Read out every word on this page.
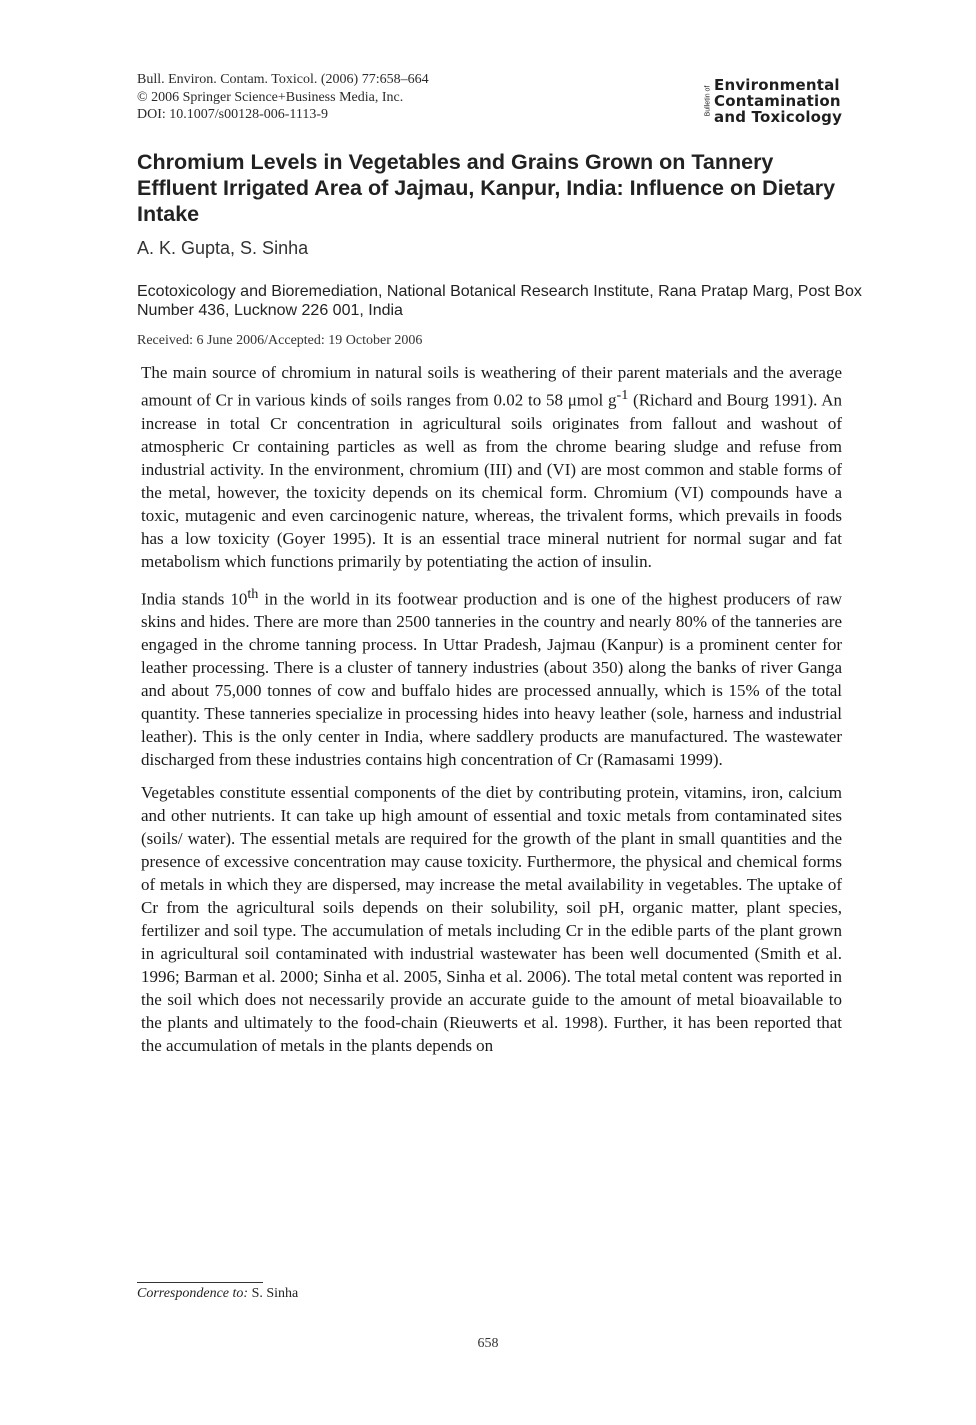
Bull. Environ. Contam. Toxicol. (2006) 77:658–664
© 2006 Springer Science+Business Media, Inc.
DOI: 10.1007/s00128-006-1113-9	Bulletin of
Environmental
Contamination
and Toxicology
Chromium Levels in Vegetables and Grains Grown on Tannery Effluent Irrigated Area of Jajmau, Kanpur, India: Influence on Dietary Intake
A. K. Gupta, S. Sinha
Ecotoxicology and Bioremediation, National Botanical Research Institute, Rana Pratap Marg, Post Box Number 436, Lucknow 226 001, India
Received: 6 June 2006/Accepted: 19 October 2006

The main source of chromium in natural soils is weathering of their parent materials and the average amount of Cr in various kinds of soils ranges from 0.02 to 58 μmol $g^{-1}$ (Richard and Bourg 1991). An increase in total Cr concentration in agricultural soils originates from fallout and washout of atmospheric Cr containing particles as well as from the chrome bearing sludge and refuse from industrial activity. In the environment, chromium (III) and (VI) are most common and stable forms of the metal, however, the toxicity depends on its chemical form. Chromium (VI) compounds have a toxic, mutagenic and even carcinogenic nature, whereas, the trivalent forms, which prevails in foods has a low toxicity (Goyer 1995). It is an essential trace mineral nutrient for normal sugar and fat metabolism which functions primarily by potentiating the action of insulin.

India stands 10th in the world in its footwear production and is one of the highest producers of raw skins and hides. There are more than 2500 tanneries in the country and nearly 80% of the tanneries are engaged in the chrome tanning process. In Uttar Pradesh, Jajmau (Kanpur) is a prominent center for leather processing. There is a cluster of tannery industries (about 350) along the banks of river Ganga and about 75,000 tonnes of cow and buffalo hides are processed annually, which is 15% of the total quantity. These tanneries specialize in processing hides into heavy leather (sole, harness and industrial leather). This is the only center in India, where saddlery products are manufactured. The wastewater discharged from these industries contains high concentration of Cr (Ramasami 1999).

Vegetables constitute essential components of the diet by contributing protein, vitamins, iron, calcium and other nutrients. It can take up high amount of essential and toxic metals from contaminated sites (soils/ water). The essential metals are required for the growth of the plant in small quantities and the presence of excessive concentration may cause toxicity. Furthermore, the physical and chemical forms of metals in which they are dispersed, may increase the metal availability in vegetables. The uptake of Cr from the agricultural soils depends on their solubility, soil pH, organic matter, plant species, fertilizer and soil type. The accumulation of metals including Cr in the edible parts of the plant grown in agricultural soil contaminated with industrial wastewater has been well documented (Smith et al. 1996; Barman et al. 2000; Sinha et al. 2005, Sinha et al. 2006). The total metal content was reported in the soil which does not necessarily provide an accurate guide to the amount of metal bioavailable to the plants and ultimately to the food-chain (Rieuwerts et al. 1998). Further, it has been reported that the accumulation of metals in the plants depends on

Correspondence to: S. Sinha
658
